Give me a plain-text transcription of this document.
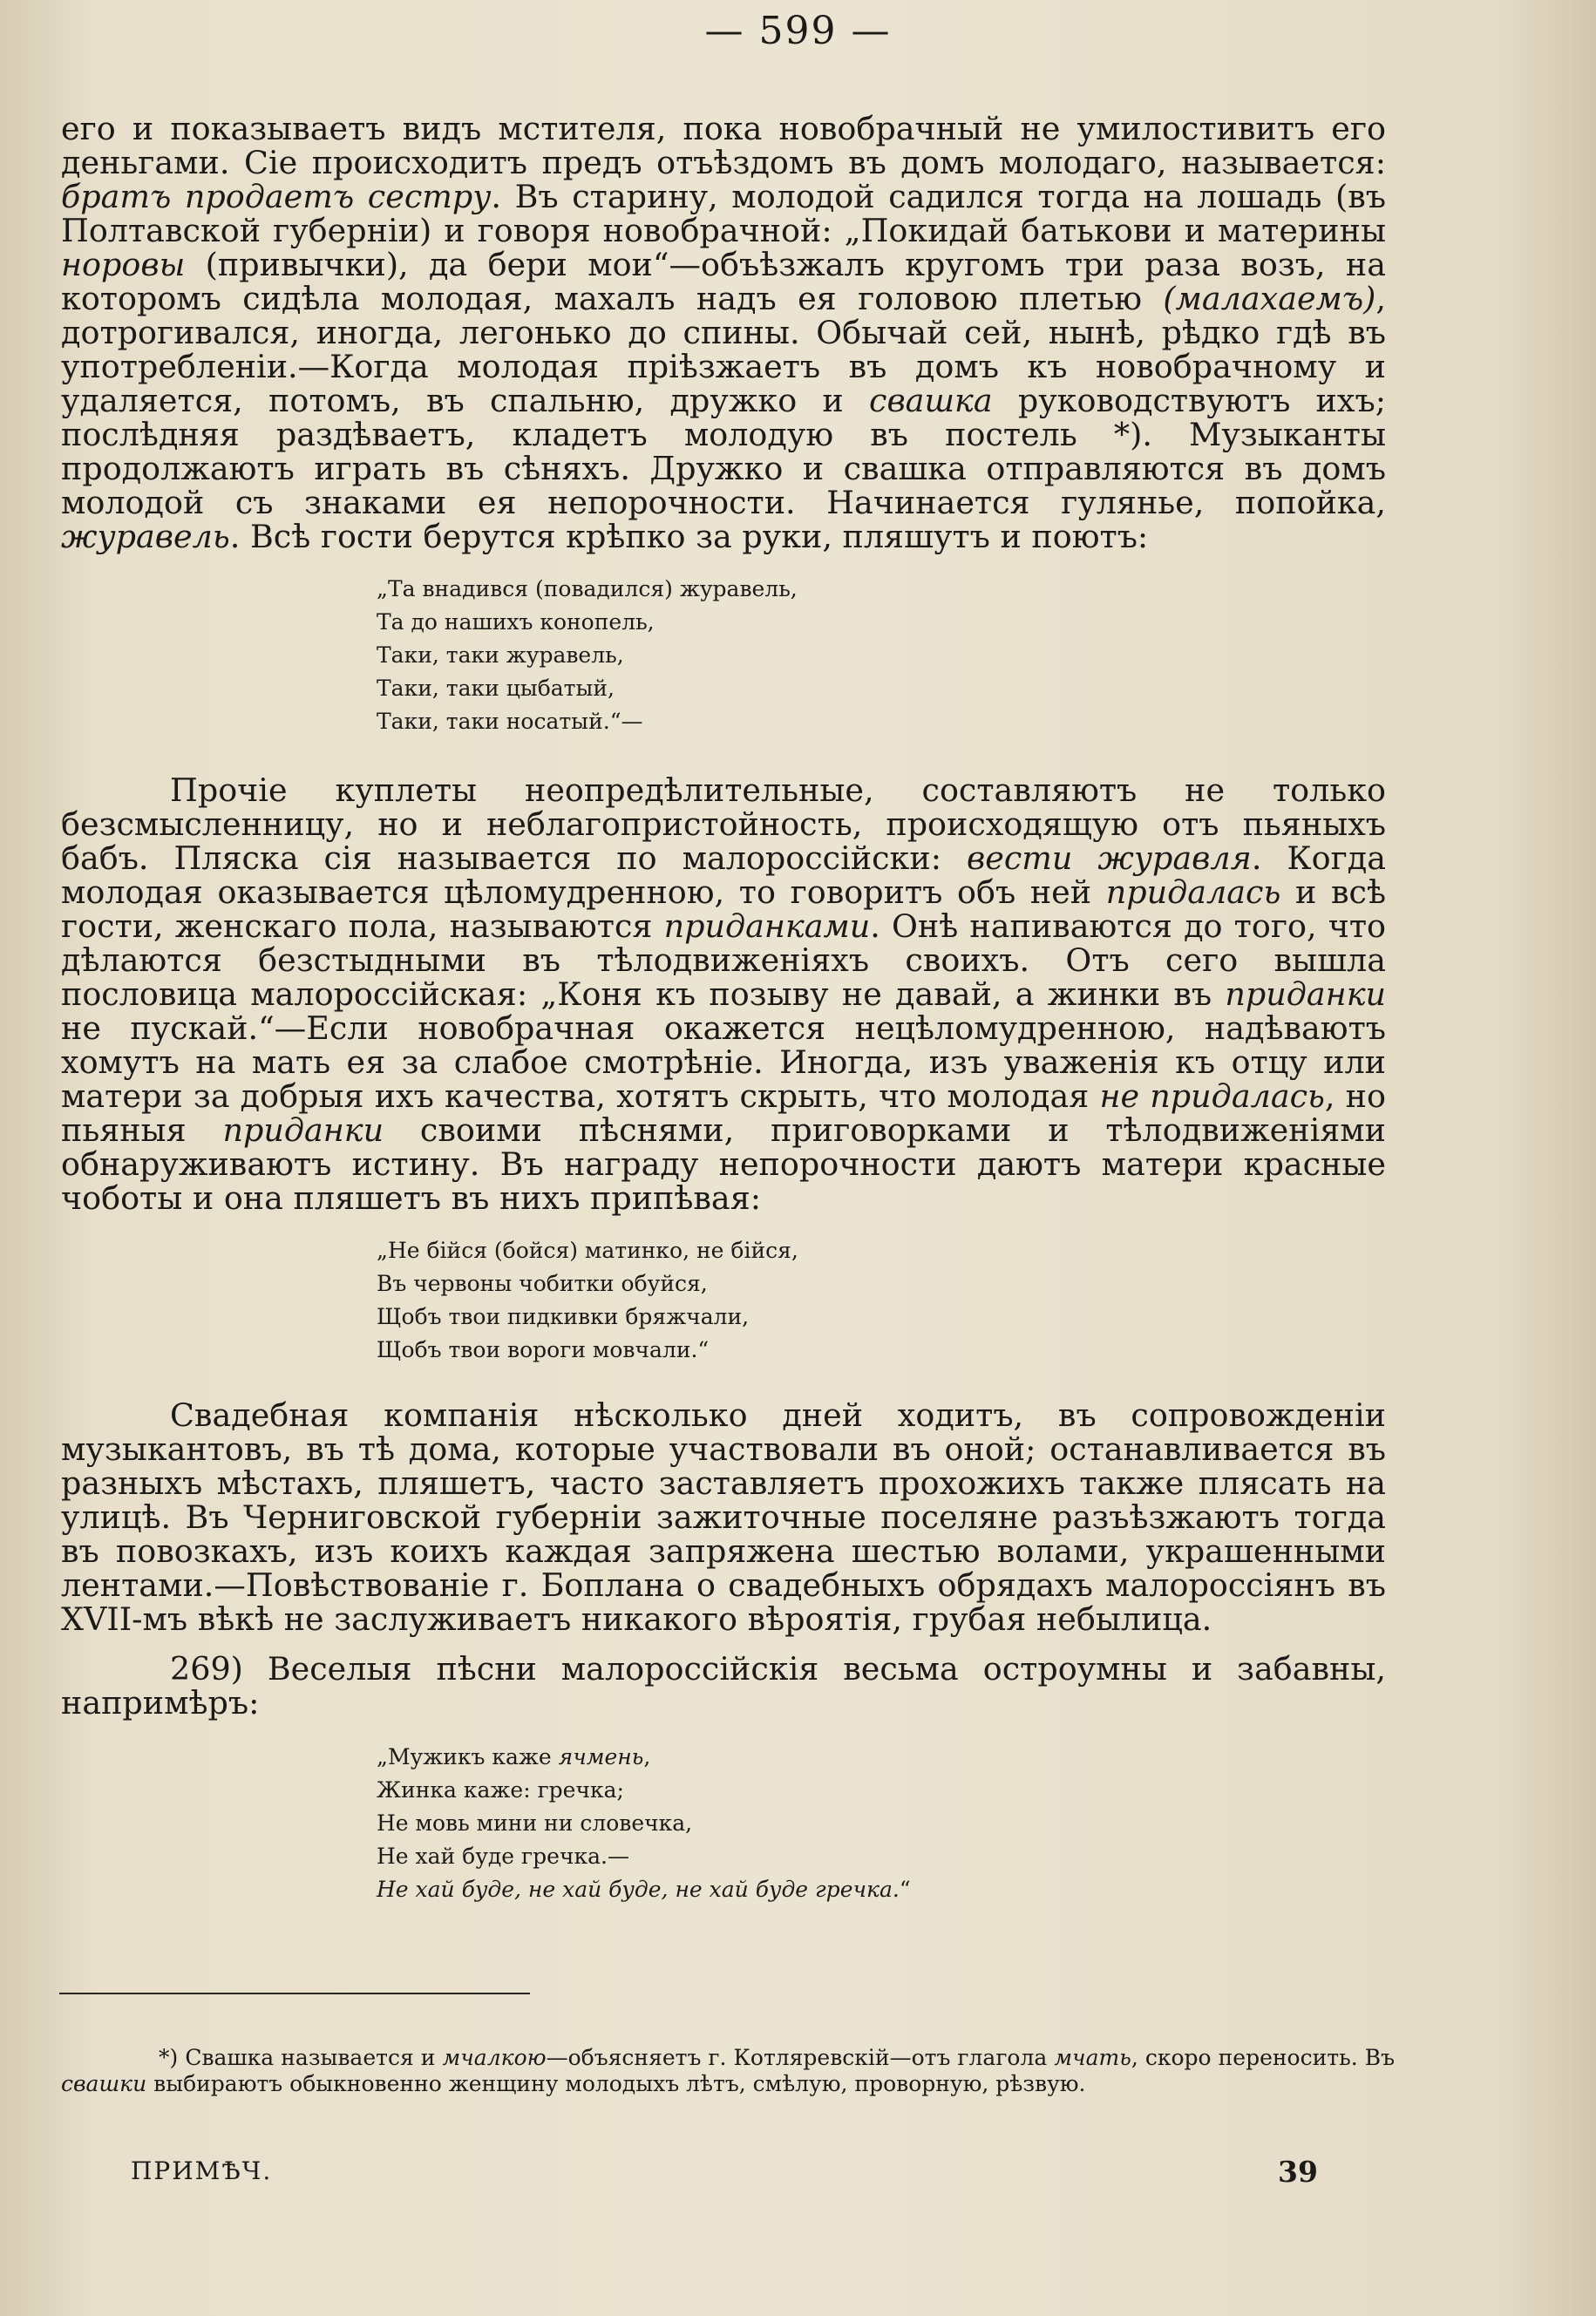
— 599 —

его и показываетъ видъ мстителя, пока новобрачный не умилостивитъ его деньгами. Сіе происходитъ предъ отъѣздомъ въ домъ молодаго, называется: братъ продаетъ сестру. Въ старину, молодой садился тогда на лошадь (въ Полтавской губерніи) и говоря новобрачной: „Покидай батькови и материны норовы (привычки), да бери мои“—объѣзжалъ кругомъ три раза возъ, на которомъ сидѣла молодая, махалъ надъ ея головою плетью (малахаемъ), дотрогивался, иногда, легонько до спины. Обычай сей, нынѣ, рѣдко гдѣ въ употребленіи.—Когда молодая пріѣзжаетъ въ домъ къ новобрачному и удаляется, потомъ, въ спальню, дружко и свашка руководствуютъ ихъ; послѣдняя раздѣваетъ, кладетъ молодую въ постель *). Музыканты продолжаютъ играть въ сѣняхъ. Дружко и свашка отправляются въ домъ молодой съ знаками ея непорочности. Начинается гулянье, попойка, журавель. Всѣ гости берутся крѣпко за руки, пляшутъ и поютъ:

„Та внадився (повадился) журавель,
Та до нашихъ конопель,
Таки, таки журавель,
Таки, таки цыбатый,
Таки, таки носатый.“—

Прочіе куплеты неопредѣлительные, составляютъ не только безсмысленницу, но и неблагопристойность, происходящую отъ пьяныхъ бабъ. Пляска сія называется по малороссійски: вести журавля. Когда молодая оказывается цѣломудренною, то говоритъ объ ней придалась и всѣ гости, женскаго пола, называются приданками. Онѣ напиваются до того, что дѣлаются безстыдными въ тѣлодвиженіяхъ своихъ. Отъ сего вышла пословица малороссійская: „Коня къ позыву не давай, а жинки въ приданки не пускай.“—Если новобрачная окажется нецѣломудренною, надѣваютъ хомутъ на мать ея за слабое смотрѣніе. Иногда, изъ уваженія къ отцу или матери за добрыя ихъ качества, хотятъ скрыть, что молодая не придалась, но пьяныя приданки своими пѣснями, приговорками и тѣлодвиженіями обнаруживаютъ истину. Въ награду непорочности даютъ матери красные чоботы и она пляшетъ въ нихъ припѣвая:

„Не бійся (бойся) матинко, не бійся,
Въ червоны чобитки обуйся,
Щобъ твои пидкивки бряжчали,
Щобъ твои вороги мовчали.“

Свадебная компанія нѣсколько дней ходитъ, въ сопровожденіи музыкантовъ, въ тѣ дома, которые участвовали въ оной; останавливается въ разныхъ мѣстахъ, пляшетъ, часто заставляетъ прохожихъ также плясать на улицѣ. Въ Черниговской губерніи зажиточные поселяне разъѣзжаютъ тогда въ повозкахъ, изъ коихъ каждая запряжена шестью волами, украшенными лентами.—Повѣствованіе г. Боплана о свадебныхъ обрядахъ малороссіянъ въ XVII-мъ вѣкѣ не заслуживаетъ никакого вѣроятія, грубая небылица.

269) Веселыя пѣсни малороссійскія весьма остроумны и забавны, напримѣръ:

„Мужикъ каже ячмень,
Жинка каже: гречка;
Не мовь мини ни словечка,
Не хай буде гречка.—
Не хай буде, не хай буде, не хай буде гречка.“

*) Свашка называется и мчалкою—объясняетъ г. Котляревскій—отъ глагола мчать, скоро переносить. Въ свашки выбираютъ обыкновенно женщину молодыхъ лѣтъ, смѣлую, проворную, рѣзвую.

ПРИМѢЧ.	39
